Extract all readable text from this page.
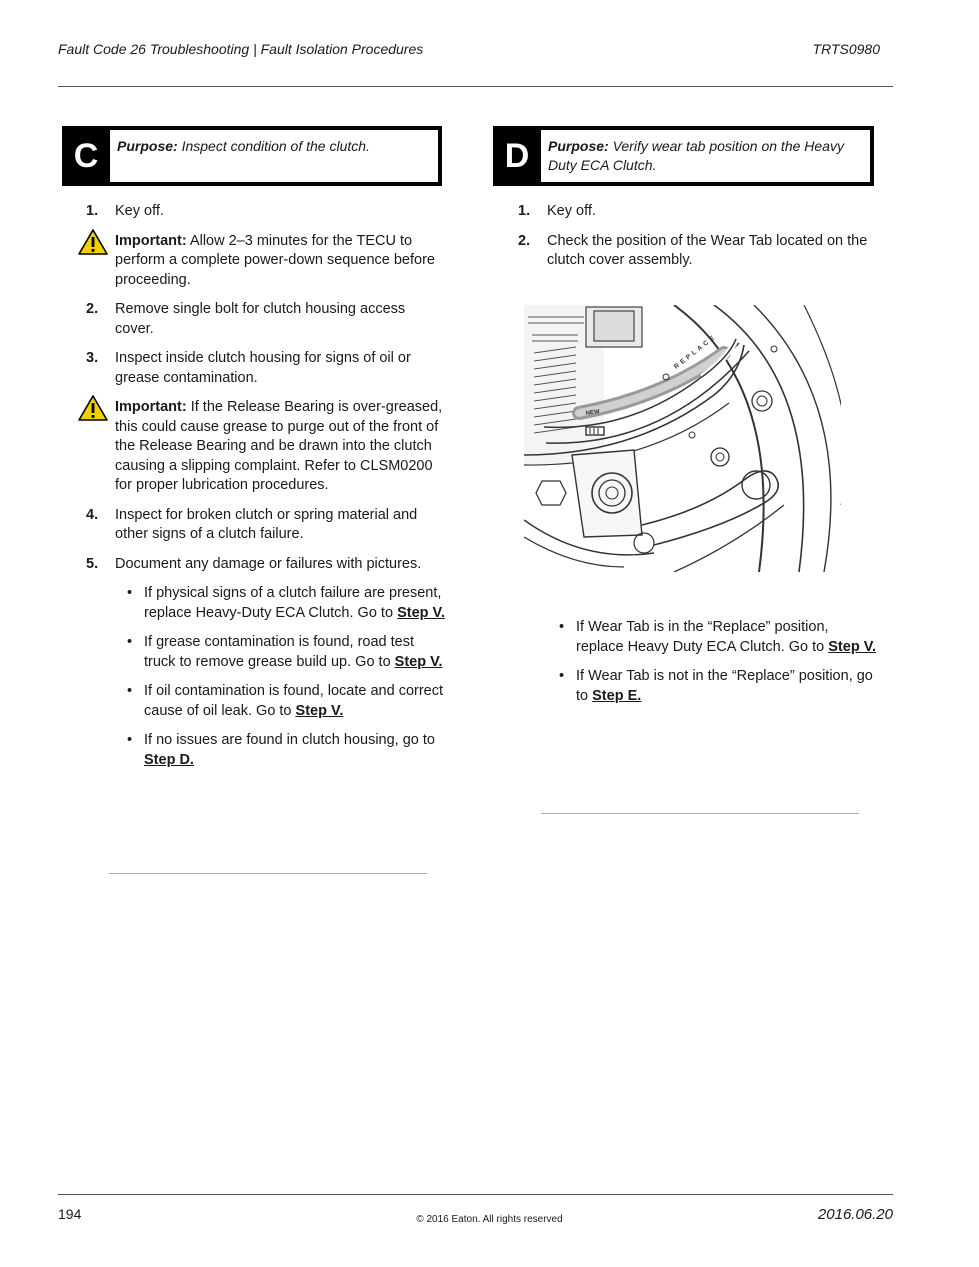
Fault Code 26 Troubleshooting | Fault Isolation Procedures	TRTS0980
C	Purpose: Inspect condition of the clutch.	D	Purpose: Verify wear tab position on the Heavy Duty ECA Clutch.
1. Key off.
Important: Allow 2–3 minutes for the TECU to perform a complete power-down sequence before proceeding.
2. Remove single bolt for clutch housing access cover.
3. Inspect inside clutch housing for signs of oil or grease contamination.
Important: If the Release Bearing is over-greased, this could cause grease to purge out of the front of the Release Bearing and be drawn into the clutch causing a slipping complaint. Refer to CLSM0200 for proper lubrication procedures.
4. Inspect for broken clutch or spring material and other signs of a clutch failure.
5. Document any damage or failures with pictures.
• If physical signs of a clutch failure are present, replace Heavy-Duty ECA Clutch. Go to Step V.
• If grease contamination is found, road test truck to remove grease build up. Go to Step V.
• If oil contamination is found, locate and correct cause of oil leak. Go to Step V.
• If no issues are found in clutch housing, go to Step D.
1. Key off.
2. Check the position of the Wear Tab located on the clutch cover assembly.
NEW
REPLACE
• If Wear Tab is in the “Replace” position, replace Heavy Duty ECA Clutch. Go to Step V.
• If Wear Tab is not in the “Replace” position, go to Step E.
194	© 2016 Eaton. All rights reserved	2016.06.20
